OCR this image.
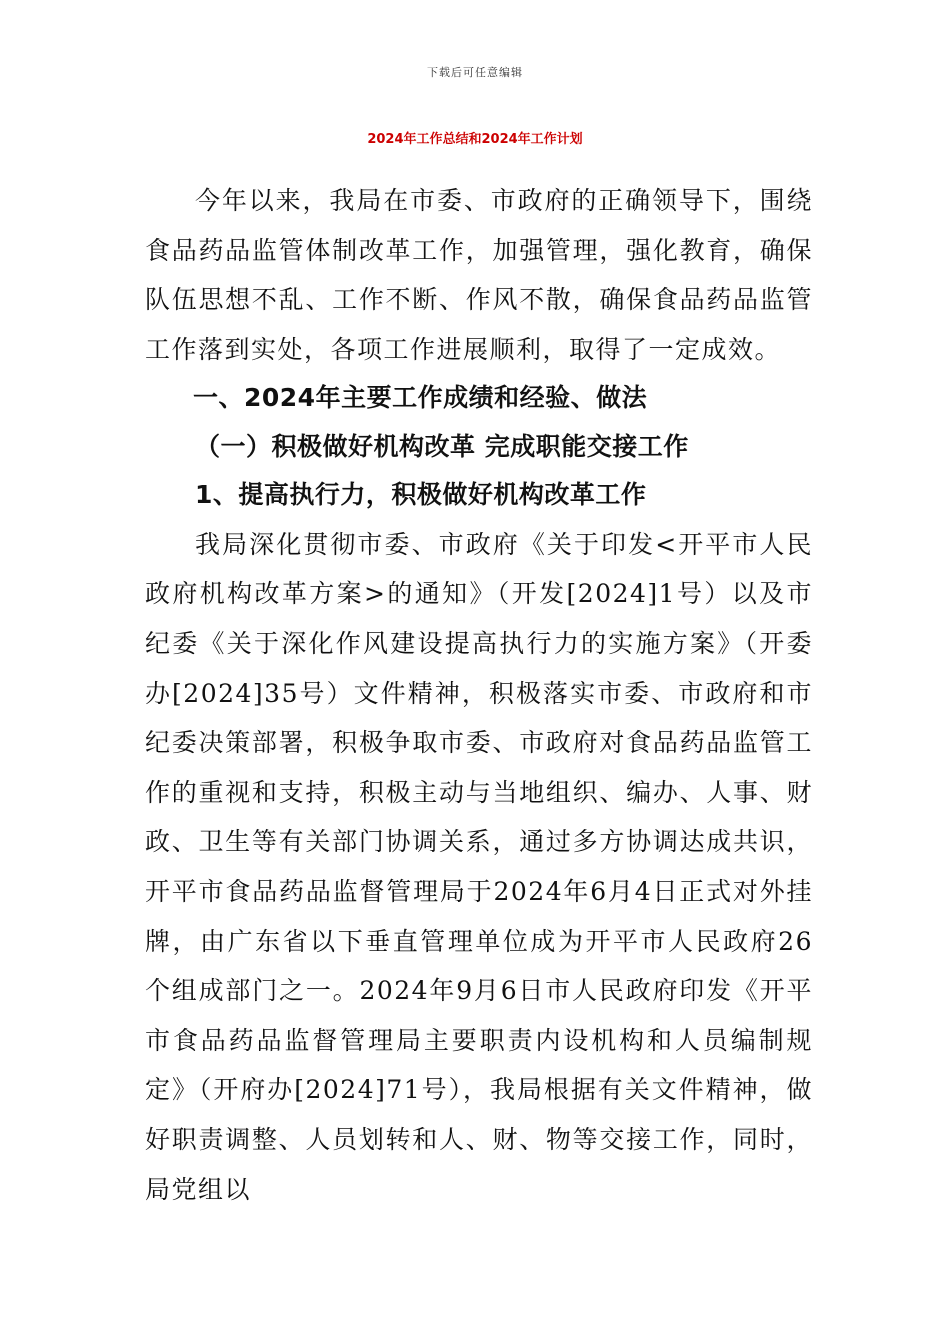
下载后可任意编辑
2024年工作总结和2024年工作计划

今年以来，我局在市委、市政府的正确领导下，围绕食品药品监管体制改革工作，加强管理，强化教育，确保队伍思想不乱、工作不断、作风不散，确保食品药品监管工作落到实处，各项工作进展顺利，取得了一定成效。

一、2024年主要工作成绩和经验、做法
（一）积极做好机构改革 完成职能交接工作
1、提高执行力，积极做好机构改革工作

我局深化贯彻市委、市政府《关于印发<开平市人民政府机构改革方案>的通知》（开发[2024]1号）以及市纪委《关于深化作风建设提高执行力的实施方案》（开委办[2024]35号）文件精神，积极落实市委、市政府和市纪委决策部署，积极争取市委、市政府对食品药品监管工作的重视和支持，积极主动与当地组织、编办、人事、财政、卫生等有关部门协调关系，通过多方协调达成共识，开平市食品药品监督管理局于2024年6月4日正式对外挂牌，由广东省以下垂直管理单位成为开平市人民政府26个组成部门之一。2024年9月6日市人民政府印发《开平市食品药品监督管理局主要职责内设机构和人员编制规定》（开府办[2024]71号），我局根据有关文件精神，做好职责调整、人员划转和人、财、物等交接工作，同时，局党组以
